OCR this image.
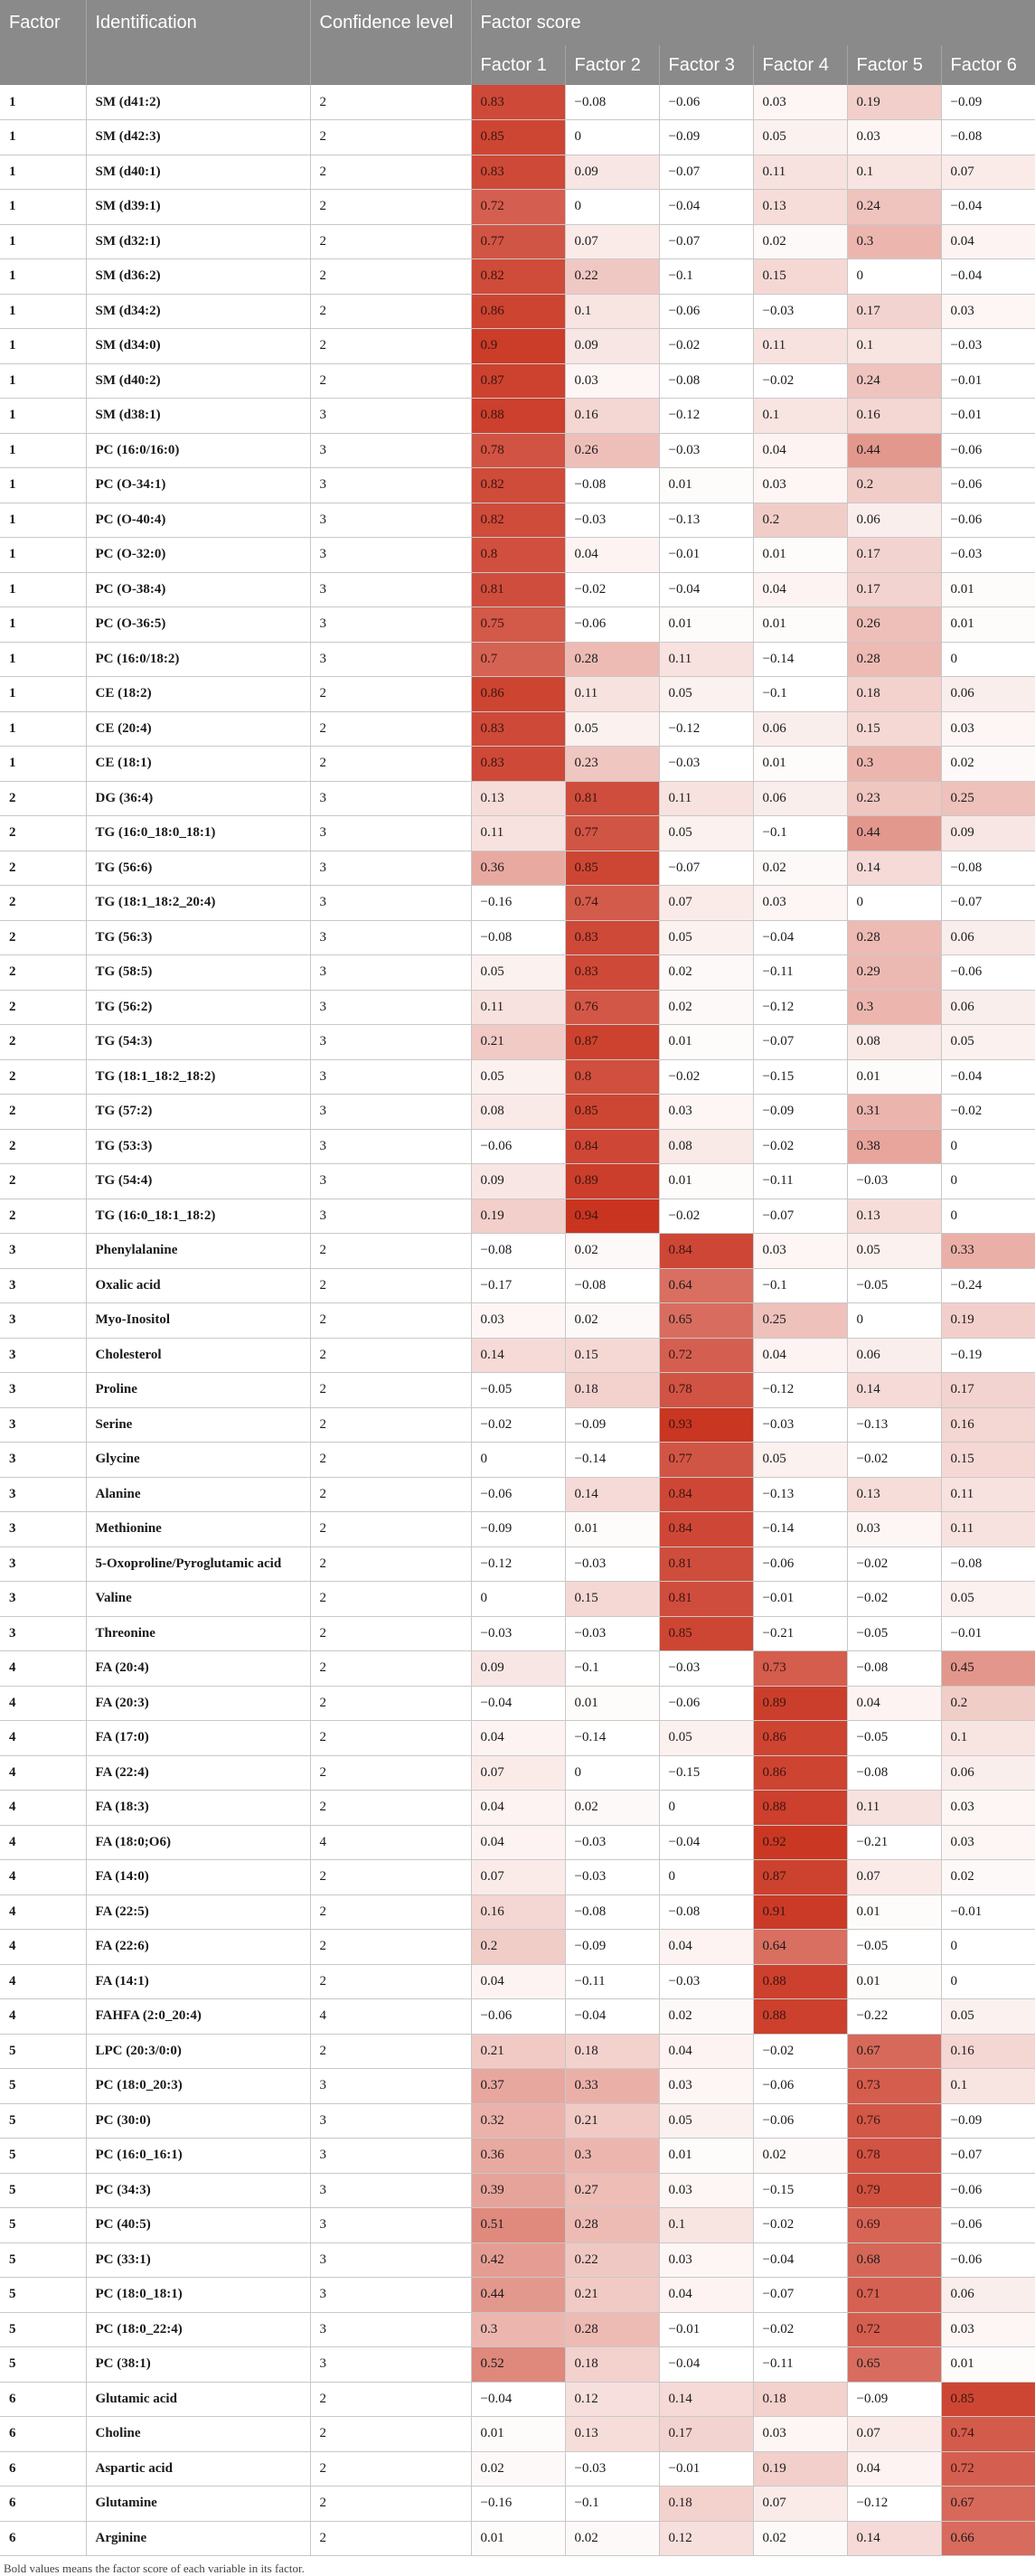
Factor	Identification	Confidence level	Factor score					
			Factor 1	Factor 2	Factor 3	Factor 4	Factor 5	Factor 6
1	SM (d41:2)	2	0.83	−0.08	−0.06	0.03	0.19	−0.09
1	SM (d42:3)	2	0.85	0	−0.09	0.05	0.03	−0.08
1	SM (d40:1)	2	0.83	0.09	−0.07	0.11	0.1	0.07
1	SM (d39:1)	2	0.72	0	−0.04	0.13	0.24	−0.04
1	SM (d32:1)	2	0.77	0.07	−0.07	0.02	0.3	0.04
1	SM (d36:2)	2	0.82	0.22	−0.1	0.15	0	−0.04
1	SM (d34:2)	2	0.86	0.1	−0.06	−0.03	0.17	0.03
1	SM (d34:0)	2	0.9	0.09	−0.02	0.11	0.1	−0.03
1	SM (d40:2)	2	0.87	0.03	−0.08	−0.02	0.24	−0.01
1	SM (d38:1)	3	0.88	0.16	−0.12	0.1	0.16	−0.01
1	PC (16:0/16:0)	3	0.78	0.26	−0.03	0.04	0.44	−0.06
1	PC (O-34:1)	3	0.82	−0.08	0.01	0.03	0.2	−0.06
1	PC (O-40:4)	3	0.82	−0.03	−0.13	0.2	0.06	−0.06
1	PC (O-32:0)	3	0.8	0.04	−0.01	0.01	0.17	−0.03
1	PC (O-38:4)	3	0.81	−0.02	−0.04	0.04	0.17	0.01
1	PC (O-36:5)	3	0.75	−0.06	0.01	0.01	0.26	0.01
1	PC (16:0/18:2)	3	0.7	0.28	0.11	−0.14	0.28	0
1	CE (18:2)	2	0.86	0.11	0.05	−0.1	0.18	0.06
1	CE (20:4)	2	0.83	0.05	−0.12	0.06	0.15	0.03
1	CE (18:1)	2	0.83	0.23	−0.03	0.01	0.3	0.02
2	DG (36:4)	3	0.13	0.81	0.11	0.06	0.23	0.25
2	TG (16:0_18:0_18:1)	3	0.11	0.77	0.05	−0.1	0.44	0.09
2	TG (56:6)	3	0.36	0.85	−0.07	0.02	0.14	−0.08
2	TG (18:1_18:2_20:4)	3	−0.16	0.74	0.07	0.03	0	−0.07
2	TG (56:3)	3	−0.08	0.83	0.05	−0.04	0.28	0.06
2	TG (58:5)	3	0.05	0.83	0.02	−0.11	0.29	−0.06
2	TG (56:2)	3	0.11	0.76	0.02	−0.12	0.3	0.06
2	TG (54:3)	3	0.21	0.87	0.01	−0.07	0.08	0.05
2	TG (18:1_18:2_18:2)	3	0.05	0.8	−0.02	−0.15	0.01	−0.04
2	TG (57:2)	3	0.08	0.85	0.03	−0.09	0.31	−0.02
2	TG (53:3)	3	−0.06	0.84	0.08	−0.02	0.38	0
2	TG (54:4)	3	0.09	0.89	0.01	−0.11	−0.03	0
2	TG (16:0_18:1_18:2)	3	0.19	0.94	−0.02	−0.07	0.13	0
3	Phenylalanine	2	−0.08	0.02	0.84	0.03	0.05	0.33
3	Oxalic acid	2	−0.17	−0.08	0.64	−0.1	−0.05	−0.24
3	Myo-Inositol	2	0.03	0.02	0.65	0.25	0	0.19
3	Cholesterol	2	0.14	0.15	0.72	0.04	0.06	−0.19
3	Proline	2	−0.05	0.18	0.78	−0.12	0.14	0.17
3	Serine	2	−0.02	−0.09	0.93	−0.03	−0.13	0.16
3	Glycine	2	0	−0.14	0.77	0.05	−0.02	0.15
3	Alanine	2	−0.06	0.14	0.84	−0.13	0.13	0.11
3	Methionine	2	−0.09	0.01	0.84	−0.14	0.03	0.11
3	5-Oxoproline/Pyroglutamic acid	2	−0.12	−0.03	0.81	−0.06	−0.02	−0.08
3	Valine	2	0	0.15	0.81	−0.01	−0.02	0.05
3	Threonine	2	−0.03	−0.03	0.85	−0.21	−0.05	−0.01
4	FA (20:4)	2	0.09	−0.1	−0.03	0.73	−0.08	0.45
4	FA (20:3)	2	−0.04	0.01	−0.06	0.89	0.04	0.2
4	FA (17:0)	2	0.04	−0.14	0.05	0.86	−0.05	0.1
4	FA (22:4)	2	0.07	0	−0.15	0.86	−0.08	0.06
4	FA (18:3)	2	0.04	0.02	0	0.88	0.11	0.03
4	FA (18:0;O6)	4	0.04	−0.03	−0.04	0.92	−0.21	0.03
4	FA (14:0)	2	0.07	−0.03	0	0.87	0.07	0.02
4	FA (22:5)	2	0.16	−0.08	−0.08	0.91	0.01	−0.01
4	FA (22:6)	2	0.2	−0.09	0.04	0.64	−0.05	0
4	FA (14:1)	2	0.04	−0.11	−0.03	0.88	0.01	0
4	FAHFA (2:0_20:4)	4	−0.06	−0.04	0.02	0.88	−0.22	0.05
5	LPC (20:3/0:0)	2	0.21	0.18	0.04	−0.02	0.67	0.16
5	PC (18:0_20:3)	3	0.37	0.33	0.03	−0.06	0.73	0.1
5	PC (30:0)	3	0.32	0.21	0.05	−0.06	0.76	−0.09
5	PC (16:0_16:1)	3	0.36	0.3	0.01	0.02	0.78	−0.07
5	PC (34:3)	3	0.39	0.27	0.03	−0.15	0.79	−0.06
5	PC (40:5)	3	0.51	0.28	0.1	−0.02	0.69	−0.06
5	PC (33:1)	3	0.42	0.22	0.03	−0.04	0.68	−0.06
5	PC (18:0_18:1)	3	0.44	0.21	0.04	−0.07	0.71	0.06
5	PC (18:0_22:4)	3	0.3	0.28	−0.01	−0.02	0.72	0.03
5	PC (38:1)	3	0.52	0.18	−0.04	−0.11	0.65	0.01
6	Glutamic acid	2	−0.04	0.12	0.14	0.18	−0.09	0.85
6	Choline	2	0.01	0.13	0.17	0.03	0.07	0.74
6	Aspartic acid	2	0.02	−0.03	−0.01	0.19	0.04	0.72
6	Glutamine	2	−0.16	−0.1	0.18	0.07	−0.12	0.67
6	Arginine	2	0.01	0.02	0.12	0.02	0.14	0.66
Bold values means the factor score of each variable in its factor.
